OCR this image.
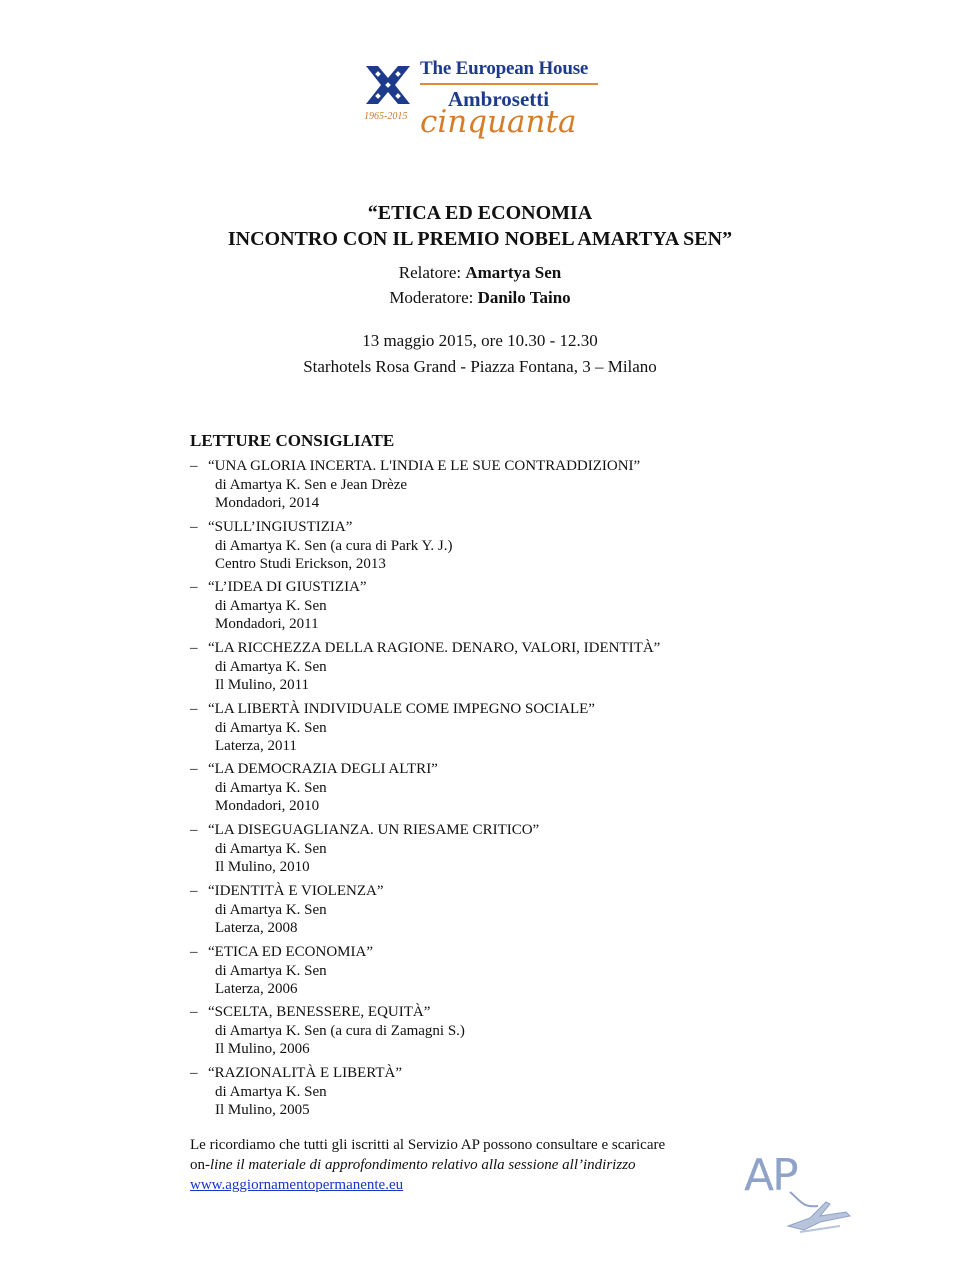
The European House
Ambrosetti
1965-2015 cinquanta
“ETICA ED ECONOMIA
INCONTRO CON IL PREMIO NOBEL AMARTYA SEN”
Relatore: Amartya Sen
Moderatore: Danilo Taino
13 maggio 2015, ore 10.30 - 12.30
Starhotels Rosa Grand - Piazza Fontana, 3 – Milano
LETTURE CONSIGLIATE
– “UNA GLORIA INCERTA. L'INDIA E LE SUE CONTRADDIZIONI”
di Amartya K. Sen e Jean Drèze
Mondadori, 2014
– “SULL’INGIUSTIZIA”
di Amartya K. Sen (a cura di Park Y. J.)
Centro Studi Erickson, 2013
– “L’IDEA DI GIUSTIZIA”
di Amartya K. Sen
Mondadori, 2011
– “LA RICCHEZZA DELLA RAGIONE. DENARO, VALORI, IDENTITÀ”
di Amartya K. Sen
Il Mulino, 2011
– “LA LIBERTÀ INDIVIDUALE COME IMPEGNO SOCIALE”
di Amartya K. Sen
Laterza, 2011
– “LA DEMOCRAZIA DEGLI ALTRI”
di Amartya K. Sen
Mondadori, 2010
– “LA DISEGUAGLIANZA. UN RIESAME CRITICO”
di Amartya K. Sen
Il Mulino, 2010
– “IDENTITÀ E VIOLENZA”
di Amartya K. Sen
Laterza, 2008
– “ETICA ED ECONOMIA”
di Amartya K. Sen
Laterza, 2006
– “SCELTA, BENESSERE, EQUITÀ”
di Amartya K. Sen (a cura di Zamagni S.)
Il Mulino, 2006
– “RAZIONALITÀ E LIBERTÀ”
di Amartya K. Sen
Il Mulino, 2005
Le ricordiamo che tutti gli iscritti al Servizio AP possono consultare e scaricare
on-line il materiale di approfondimento relativo alla sessione all’indirizzo
www.aggiornamentopermanente.eu	AP
